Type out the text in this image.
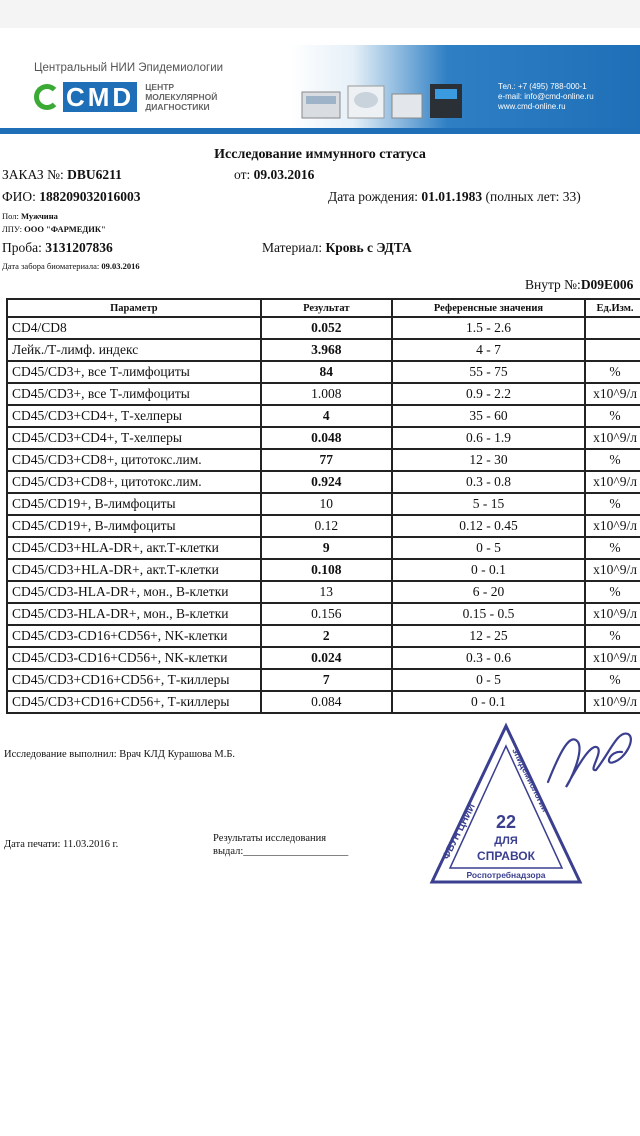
Центральный НИИ Эпидемиологии
CMD	ЦЕНТР
МОЛЕКУЛЯРНОЙ
ДИАГНОСТИКИ
Тел.: +7 (495) 788-000-1
e-mail: info@cmd-online.ru
www.cmd-online.ru
Исследование иммунного статуса
ЗАКАЗ №: DBU6211	от: 09.03.2016
ФИО: 188209032016003	Дата рождения: 01.01.1983 (полных лет: 33)
Пол: Мужчина
ЛПУ: ООО "ФАРМЕДИК"
Проба: 3131207836	Материал: Кровь с ЭДТА
Дата забора биоматериала: 09.03.2016
Внутр №:D09E006
Параметр	Результат	Референсные значения	Ед.Изм.
CD4/CD8	0.052	1.5 - 2.6	
Лейк./Т-лимф. индекс	3.968	4 - 7	
CD45/CD3+, все Т-лимфоциты	84	55 - 75	%
CD45/CD3+, все Т-лимфоциты	1.008	0.9 - 2.2	x10^9/л
CD45/CD3+CD4+, Т-хелперы	4	35 - 60	%
CD45/CD3+CD4+, Т-хелперы	0.048	0.6 - 1.9	x10^9/л
CD45/CD3+CD8+, цитотокс.лим.	77	12 - 30	%
CD45/CD3+CD8+, цитотокс.лим.	0.924	0.3 - 0.8	x10^9/л
CD45/CD19+, В-лимфоциты	10	5 - 15	%
CD45/CD19+, В-лимфоциты	0.12	0.12 - 0.45	x10^9/л
CD45/CD3+HLA-DR+, акт.Т-клетки	9	0 - 5	%
CD45/CD3+HLA-DR+, акт.Т-клетки	0.108	0 - 0.1	x10^9/л
CD45/CD3-HLA-DR+, мон., В-клетки	13	6 - 20	%
CD45/CD3-HLA-DR+, мон., В-клетки	0.156	0.15 - 0.5	x10^9/л
CD45/CD3-CD16+CD56+, NK-клетки	2	12 - 25	%
CD45/CD3-CD16+CD56+, NK-клетки	0.024	0.3 - 0.6	x10^9/л
CD45/CD3+CD16+CD56+, Т-киллеры	7	0 - 5	%
CD45/CD3+CD16+CD56+, Т-киллеры	0.084	0 - 0.1	x10^9/л
Исследование выполнил: Врач КЛД Курашова М.Б.
Дата печати: 11.03.2016 г.
Результаты исследования
выдал:____________________	ФБУН ЦНИИ
эпидемиологии
22
ДЛЯ
СПРАВОК
Роспотребнадзора
